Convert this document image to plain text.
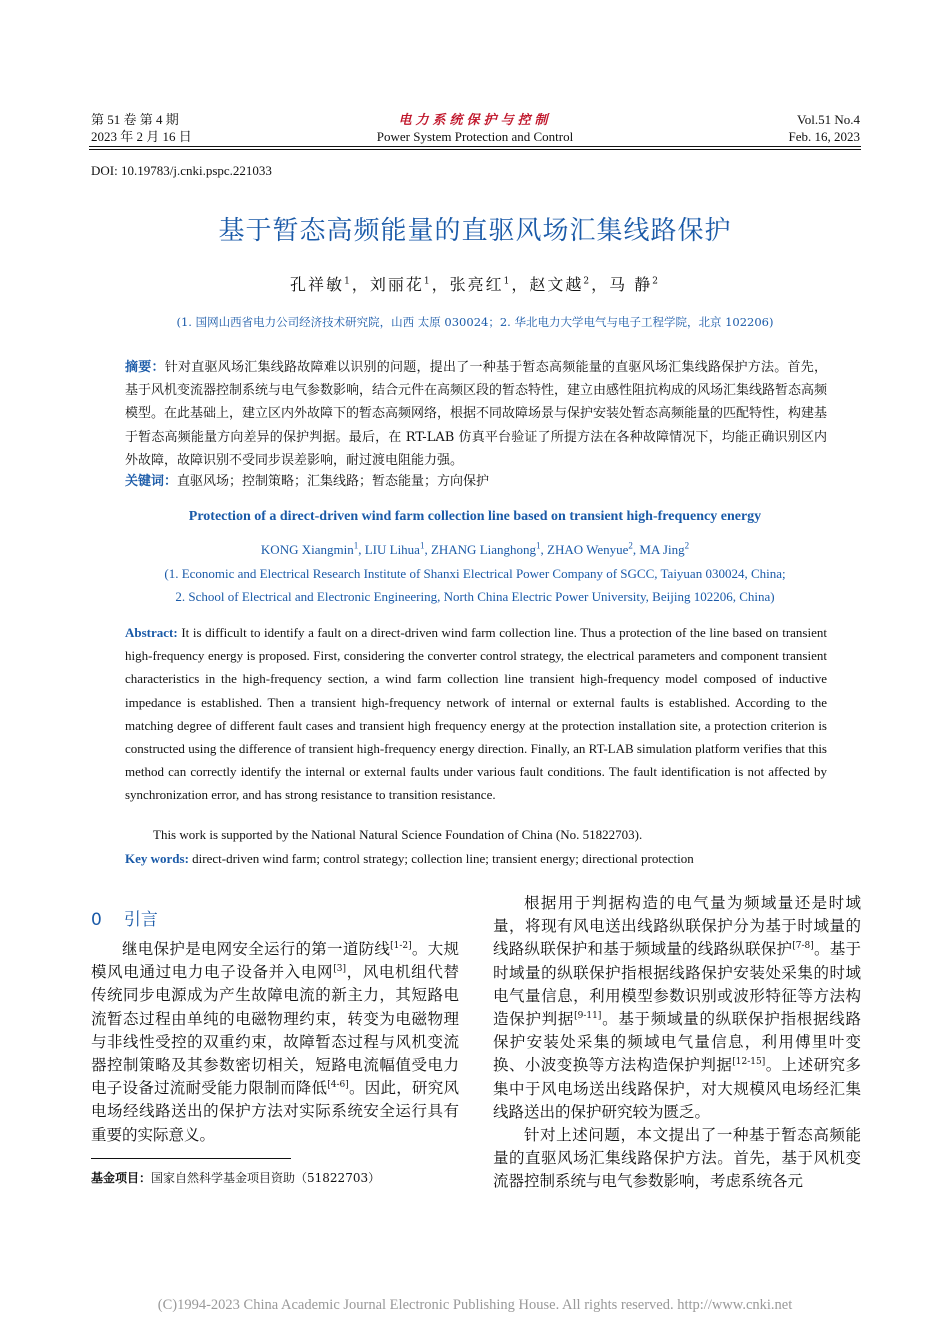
第 51 卷 第 4 期
2023 年 2 月 16 日
电力系统保护与控制
Power System Protection and Control
Vol.51 No.4
Feb. 16, 2023
DOI: 10.19783/j.cnki.pspc.221033
基于暂态高频能量的直驱风场汇集线路保护
孔祥敏$^1$，刘丽花$^1$，张亮红$^1$，赵文越$^2$，马 静$^2$
(1. 国网山西省电力公司经济技术研究院，山西 太原 030024；2. 华北电力大学电气与电子工程学院，北京 102206)
摘要：针对直驱风场汇集线路故障难以识别的问题，提出了一种基于暂态高频能量的直驱风场汇集线路保护方法。首先，基于风机变流器控制系统与电气参数影响，结合元件在高频区段的暂态特性，建立由感性阻抗构成的风场汇集线路暂态高频模型。在此基础上，建立区内外故障下的暂态高频网络，根据不同故障场景与保护安装处暂态高频能量的匹配特性，构建基于暂态高频能量方向差异的保护判据。最后，在 RT-LAB 仿真平台验证了所提方法在各种故障情况下，均能正确识别区内外故障，故障识别不受同步误差影响，耐过渡电阻能力强。
关键词：直驱风场；控制策略；汇集线路；暂态能量；方向保护
Protection of a direct-driven wind farm collection line based on transient high-frequency energy
KONG Xiangmin$^1$, LIU Lihua$^1$, ZHANG Lianghong$^1$, ZHAO Wenyue$^2$, MA Jing$^2$
(1. Economic and Electrical Research Institute of Shanxi Electrical Power Company of SGCC, Taiyuan 030024, China;
2. School of Electrical and Electronic Engineering, North China Electric Power University, Beijing 102206, China)
Abstract: It is difficult to identify a fault on a direct-driven wind farm collection line. Thus a protection of the line based on transient high-frequency energy is proposed. First, considering the converter control strategy, the electrical parameters and component transient characteristics in the high-frequency section, a wind farm collection line transient high-frequency model composed of inductive impedance is established. Then a transient high-frequency network of internal or external faults is established. According to the matching degree of different fault cases and transient high frequency energy at the protection installation site, a protection criterion is constructed using the difference of transient high-frequency energy direction. Finally, an RT-LAB simulation platform verifies that this method can correctly identify the internal or external faults under various fault conditions. The fault identification is not affected by synchronization error, and has strong resistance to transition resistance.
This work is supported by the National Natural Science Foundation of China (No. 51822703).
Key words: direct-driven wind farm; control strategy; collection line; transient energy; directional protection
0 引言

继电保护是电网安全运行的第一道防线[1-2]。大规模风电通过电力电子设备并入电网[3]，风电机组代替传统同步电源成为产生故障电流的新主力，其短路电流暂态过程由单纯的电磁物理约束，转变为电磁物理与非线性受控的双重约束，故障暂态过程与风机变流器控制策略及其参数密切相关，短路电流幅值受电力电子设备过流耐受能力限制而降低[4-6]。因此，研究风电场经线路送出的保护方法对实际系统安全运行具有重要的实际意义。

根据用于判据构造的电气量为频域量还是时域量，将现有风电送出线路纵联保护分为基于时域量的线路纵联保护和基于频域量的线路纵联保护[7-8]。基于时域量的纵联保护指根据线路保护安装处采集的时域电气量信息，利用模型参数识别或波形特征等方法构造保护判据[9-11]。基于频域量的纵联保护指根据线路保护安装处采集的频域电气量信息，利用傅里叶变换、小波变换等方法构造保护判据[12-15]。上述研究多集中于风电场送出线路保护，对大规模风电场经汇集线路送出的保护研究较为匮乏。

针对上述问题，本文提出了一种基于暂态高频能量的直驱风场汇集线路保护方法。首先，基于风机变流器控制系统与电气参数影响，考虑系统各元

基金项目：国家自然科学基金项目资助（51822703）
(C)1994-2023 China Academic Journal Electronic Publishing House. All rights reserved. http://www.cnki.net
